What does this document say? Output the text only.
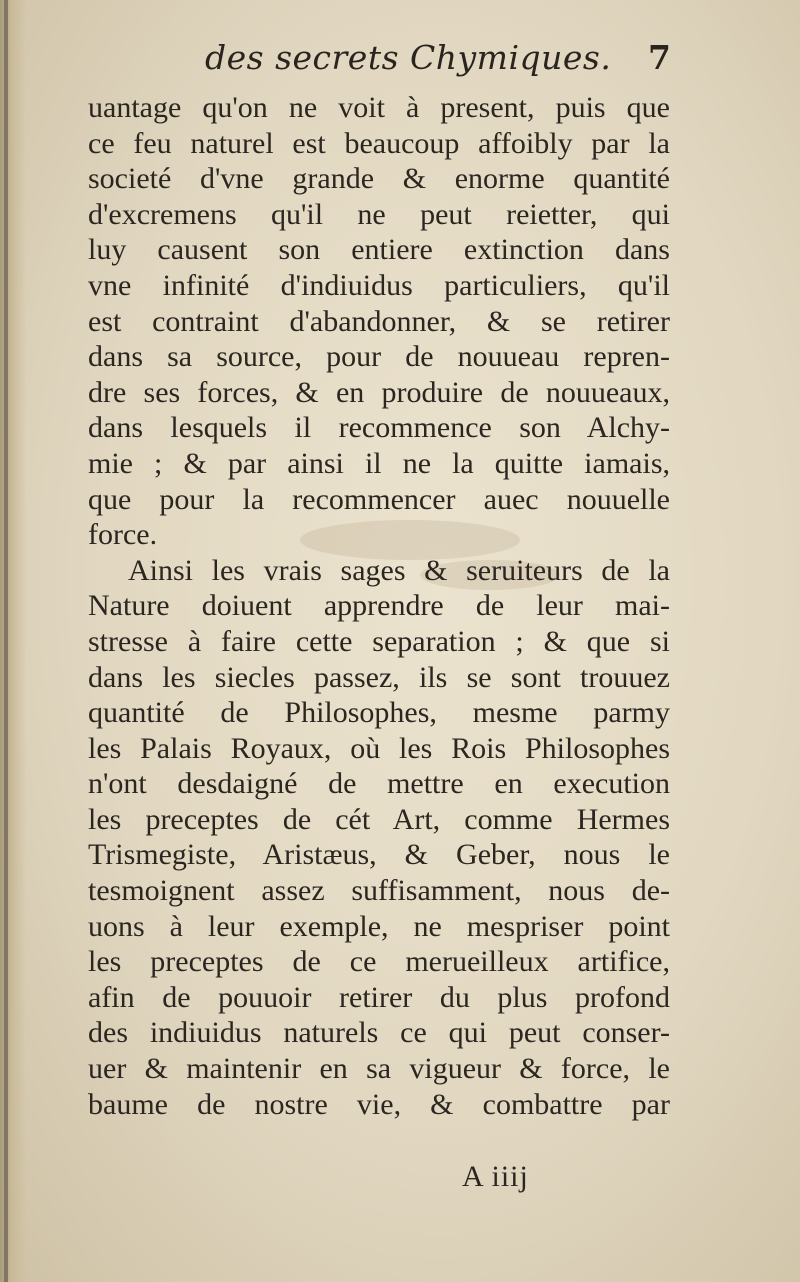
des secrets Chymiques. 7
uantage qu'on ne voit à present, puis que
ce feu naturel est beaucoup affoibly par la
societé d'vne grande & enorme quantité
d'excremens qu'il ne peut reietter, qui
luy causent son entiere extinction dans
vne infinité d'indiuidus particuliers, qu'il
est contraint d'abandonner, & se retirer
dans sa source, pour de nouueau repren-
dre ses forces, & en produire de nouueaux,
dans lesquels il recommence son Alchy-
mie ; & par ainsi il ne la quitte iamais,
que pour la recommencer auec nouuelle
force.
Ainsi les vrais sages & seruiteurs de la
Nature doiuent apprendre de leur mai-
stresse à faire cette separation ; & que si
dans les siecles passez, ils se sont trouuez
quantité de Philosophes, mesme parmy
les Palais Royaux, où les Rois Philosophes
n'ont desdaigné de mettre en execution
les preceptes de cét Art, comme Hermes
Trismegiste, Aristæus, & Geber, nous le
tesmoignent assez suffisamment, nous de-
uons à leur exemple, ne mespriser point
les preceptes de ce merueilleux artifice,
afin de pouuoir retirer du plus profond
des indiuidus naturels ce qui peut conser-
uer & maintenir en sa vigueur & force, le
baume de nostre vie, & combattre par
A iiij
